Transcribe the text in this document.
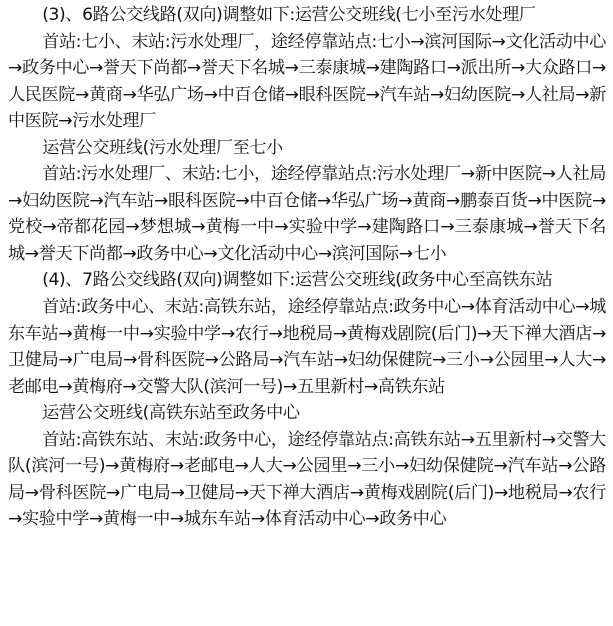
(3)、6路公交线路(双向)调整如下:运营公交班线(七小至污水处理厂

首站:七小、末站:污水处理厂，途经停靠站点:七小→滨河国际→文化活动中心→政务中心→誉天下尚都→誉天下名城→三泰康城→建陶路口→派出所→大众路口→人民医院→黄商→华弘广场→中百仓储→眼科医院→汽车站→妇幼医院→人社局→新中医院→污水处理厂

运营公交班线(污水处理厂至七小

首站:污水处理厂、末站:七小，途经停靠站点:污水处理厂→新中医院→人社局→妇幼医院→汽车站→眼科医院→中百仓储→华弘广场→黄商→鹏泰百货→中医院→党校→帝都花园→梦想城→黄梅一中→实验中学→建陶路口→三泰康城→誉天下名城→誉天下尚都→政务中心→文化活动中心→滨河国际→七小

(4)、7路公交线路(双向)调整如下:运营公交班线(政务中心至高铁东站

首站:政务中心、末站:高铁东站，途经停靠站点:政务中心→体育活动中心→城东车站→黄梅一中→实验中学→农行→地税局→黄梅戏剧院(后门)→天下禅大酒店→卫健局→广电局→骨科医院→公路局→汽车站→妇幼保健院→三小→公园里→人大→老邮电→黄梅府→交警大队(滨河一号)→五里新村→高铁东站

运营公交班线(高铁东站至政务中心

首站:高铁东站、末站:政务中心，途经停靠站点:高铁东站→五里新村→交警大队(滨河一号)→黄梅府→老邮电→人大→公园里→三小→妇幼保健院→汽车站→公路局→骨科医院→广电局→卫健局→天下禅大酒店→黄梅戏剧院(后门)→地税局→农行→实验中学→黄梅一中→城东车站→体育活动中心→政务中心
